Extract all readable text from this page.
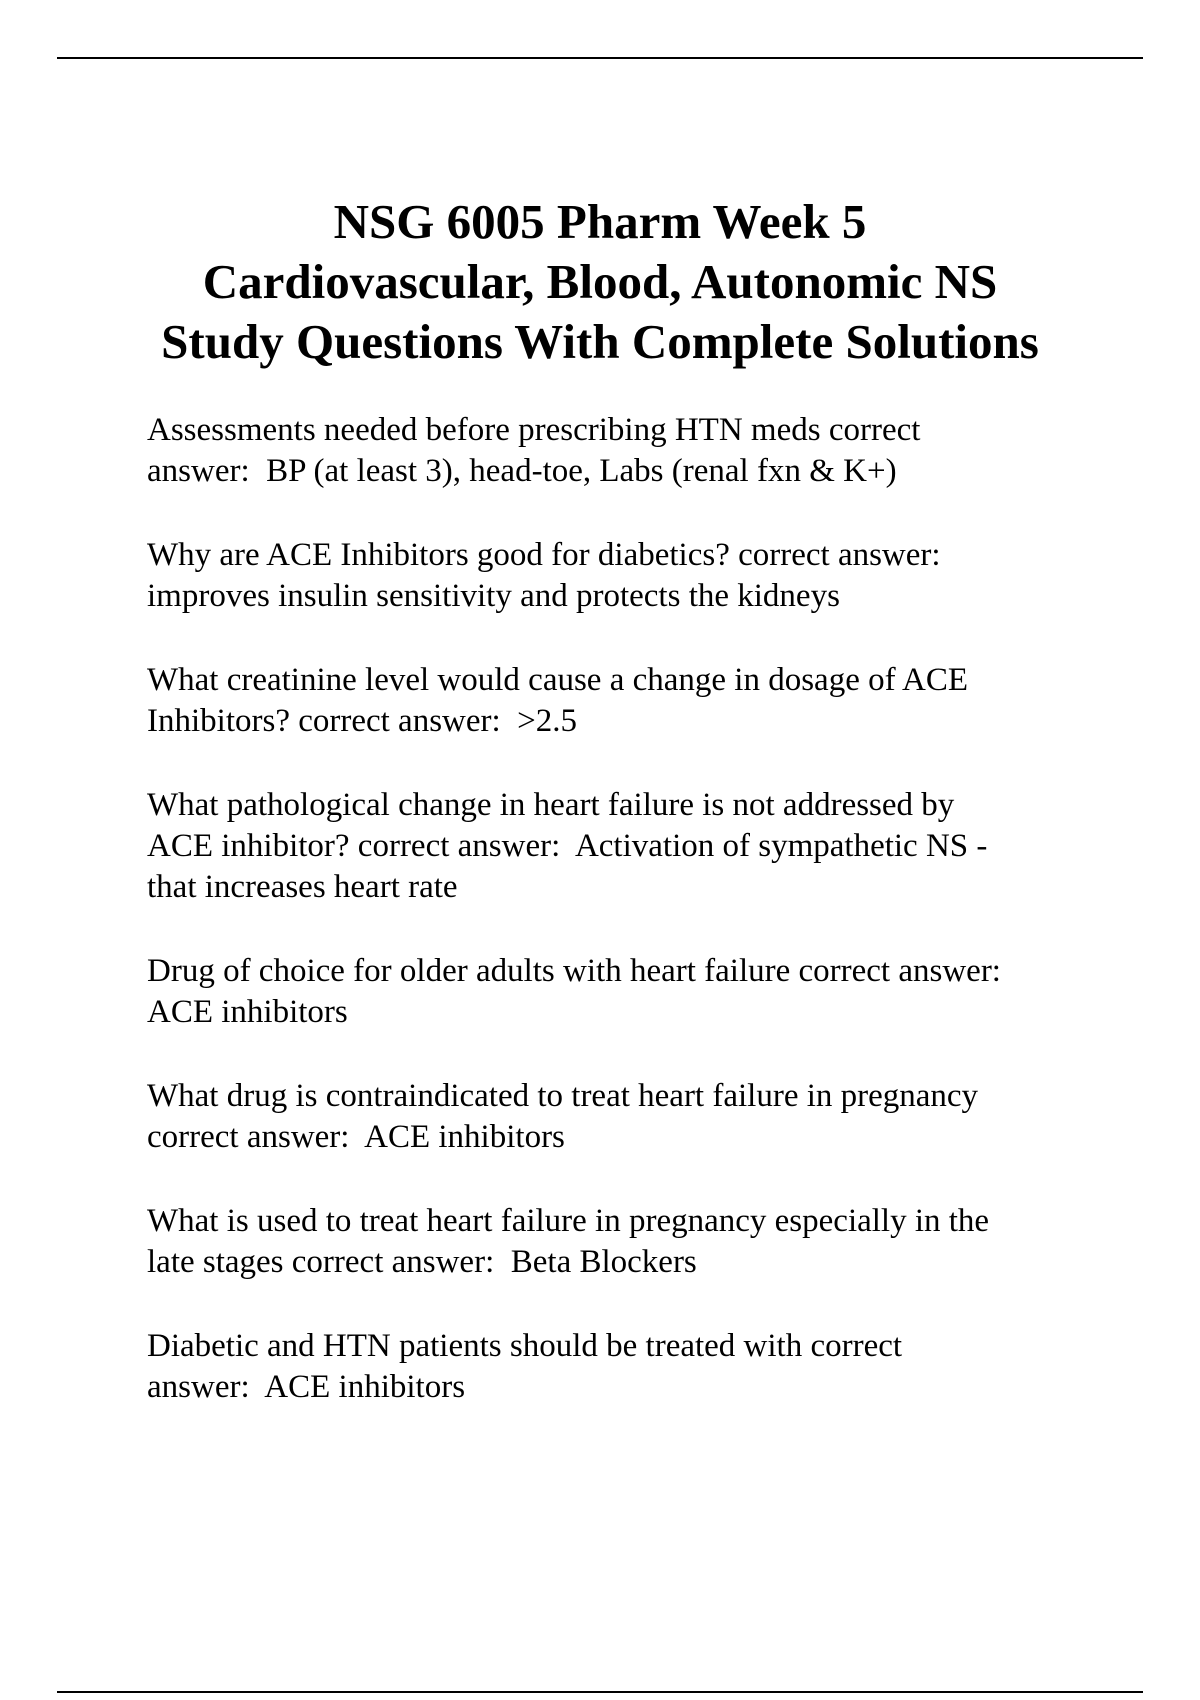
NSG 6005 Pharm Week 5
Cardiovascular, Blood, Autonomic NS
Study Questions With Complete Solutions
Assessments needed before prescribing HTN meds correct
answer:  BP (at least 3), head-toe, Labs (renal fxn & K+)
Why are ACE Inhibitors good for diabetics? correct answer:
improves insulin sensitivity and protects the kidneys
What creatinine level would cause a change in dosage of ACE
Inhibitors? correct answer:  >2.5
What pathological change in heart failure is not addressed by
ACE inhibitor? correct answer:  Activation of sympathetic NS -
that increases heart rate
Drug of choice for older adults with heart failure correct answer:
ACE inhibitors
What drug is contraindicated to treat heart failure in pregnancy
correct answer:  ACE inhibitors
What is used to treat heart failure in pregnancy especially in the
late stages correct answer:  Beta Blockers
Diabetic and HTN patients should be treated with correct
answer:  ACE inhibitors
